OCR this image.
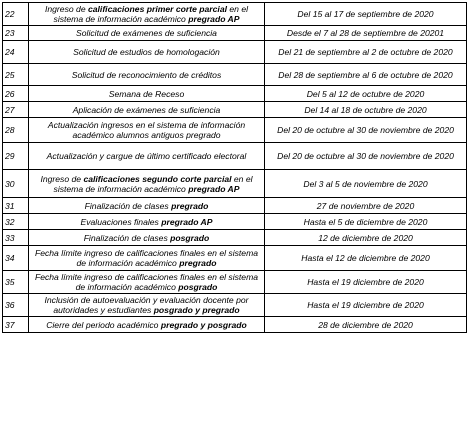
22	Ingreso de calificaciones primer corte parcial en el sistema de información académico pregrado AP	Del 15 al 17 de septiembre de 2020
23	Solicitud de exámenes de suficiencia	Desde el 7 al 28 de septiembre de 20201
24	Solicitud de estudios de homologación	Del 21 de septiembre al 2 de octubre de 2020
25	Solicitud de reconocimiento de créditos	Del 28 de septiembre al 6 de octubre de 2020
26	Semana de Receso	Del 5 al 12 de octubre de 2020
27	Aplicación de exámenes de suficiencia	Del 14 al 18 de octubre de 2020
28	Actualización ingresos en el sistema de información académico alumnos antiguos pregrado	Del 20 de octubre al 30 de noviembre de 2020
29	Actualización y cargue de último certificado electoral	Del 20 de octubre al 30 de noviembre de 2020
30	Ingreso de calificaciones segundo corte parcial en el sistema de información académico pregrado AP	Del 3 al 5 de noviembre de 2020
31	Finalización de clases pregrado	27 de noviembre de 2020
32	Evaluaciones finales pregrado AP	Hasta el 5 de diciembre de 2020
33	Finalización de clases posgrado	12 de diciembre de 2020
34	Fecha límite ingreso de calificaciones finales en el sistema de información académico pregrado	Hasta el 12 de diciembre de 2020
35	Fecha límite ingreso de calificaciones finales en el sistema de información académico posgrado	Hasta el 19 diciembre de 2020
36	Inclusión de autoevaluación y evaluación docente por autoridades y estudiantes posgrado y pregrado	Hasta el 19 diciembre de 2020
37	Cierre del periodo académico pregrado y posgrado	28 de diciembre de 2020
